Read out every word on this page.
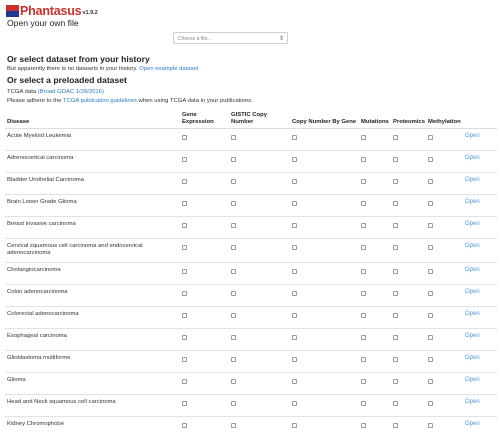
Phantasus v1.9.2
Open your own file
Choose a file...	⇕
Or select dataset from your history
But apparently there is no datasets in your history. Open example dataset
Or select a preloaded dataset
TCGA data (Broad GDAC 1/28/2016)
Please adhere to the TCGA publication guidelines when using TCGA data in your publications.
Disease	Gene Expression	GISTIC Copy Number	Copy Number By Gene	Mutations	Proteomics	Methylation	
Acute Myeloid Leukemia							Open
Adrenocortical carcinoma							Open
Bladder Urothelial Carcinoma							Open
Brain Lower Grade Glioma							Open
Breast invasive carcinoma							Open
Cervical squamous cell carcinoma and endocervical adenocarcinoma							Open
Cholangiocarcinoma							Open
Colon adenocarcinoma							Open
Colorectal adenocarcinoma							Open
Esophageal carcinoma							Open
Glioblastoma multiforme							Open
Glioma							Open
Head and Neck squamous cell carcinoma							Open
Kidney Chromophobe							Open
